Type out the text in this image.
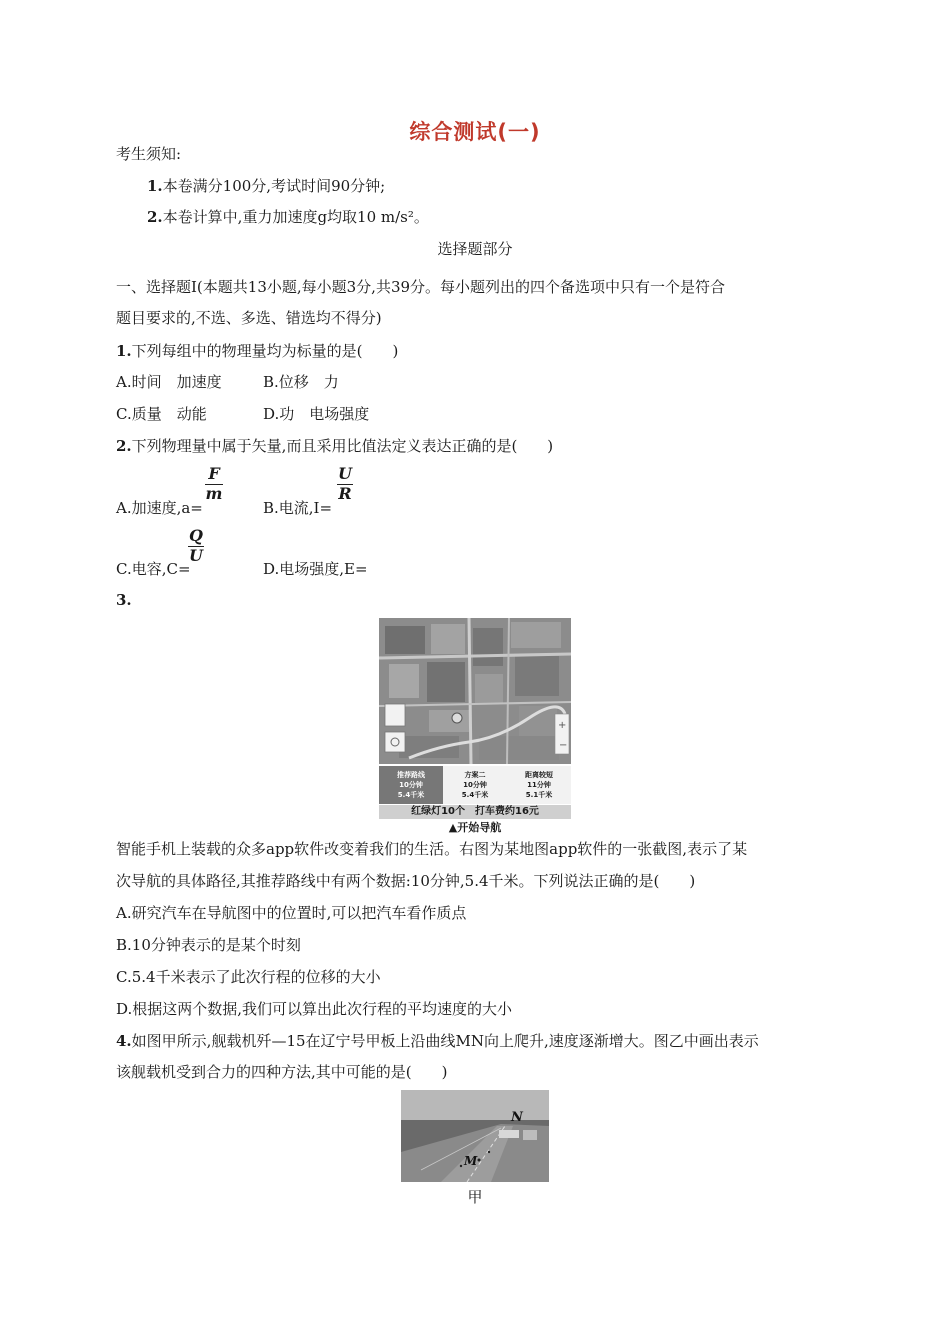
综合测试(一)
考生须知:
1.本卷满分100分,考试时间90分钟;
2.本卷计算中,重力加速度g均取10 m/s²。
选择题部分
一、选择题Ⅰ(本题共13小题,每小题3分,共39分。每小题列出的四个备选项中只有一个是符合
题目要求的,不选、多选、错选均不得分)
1.下列每组中的物理量均为标量的是(　　)
A.时间　加速度	B.位移　力
C.质量　动能	D.功　电场强度
2.下列物理量中属于矢量,而且采用比值法定义表达正确的是(　　)
A.加速度,a=
F
m
B.电流,I=
U
R
C.电容,C=
Q
U
D.电场强度,E=
3.
+
−
推荐路线
10分钟
5.4千米
方案二
10分钟
5.4千米
距离较短
11分钟
5.1千米
红绿灯10个　打车费约16元
▲开始导航
智能手机上装载的众多app软件改变着我们的生活。右图为某地图app软件的一张截图,表示了某
次导航的具体路径,其推荐路线中有两个数据:10分钟,5.4千米。下列说法正确的是(　　)
A.研究汽车在导航图中的位置时,可以把汽车看作质点
B.10分钟表示的是某个时刻
C.5.4千米表示了此次行程的位移的大小
D.根据这两个数据,我们可以算出此次行程的平均速度的大小
4.如图甲所示,舰载机歼—15在辽宁号甲板上沿曲线MN向上爬升,速度逐渐增大。图乙中画出表示
该舰载机受到合力的四种方法,其中可能的是(　　)
N
M
甲
